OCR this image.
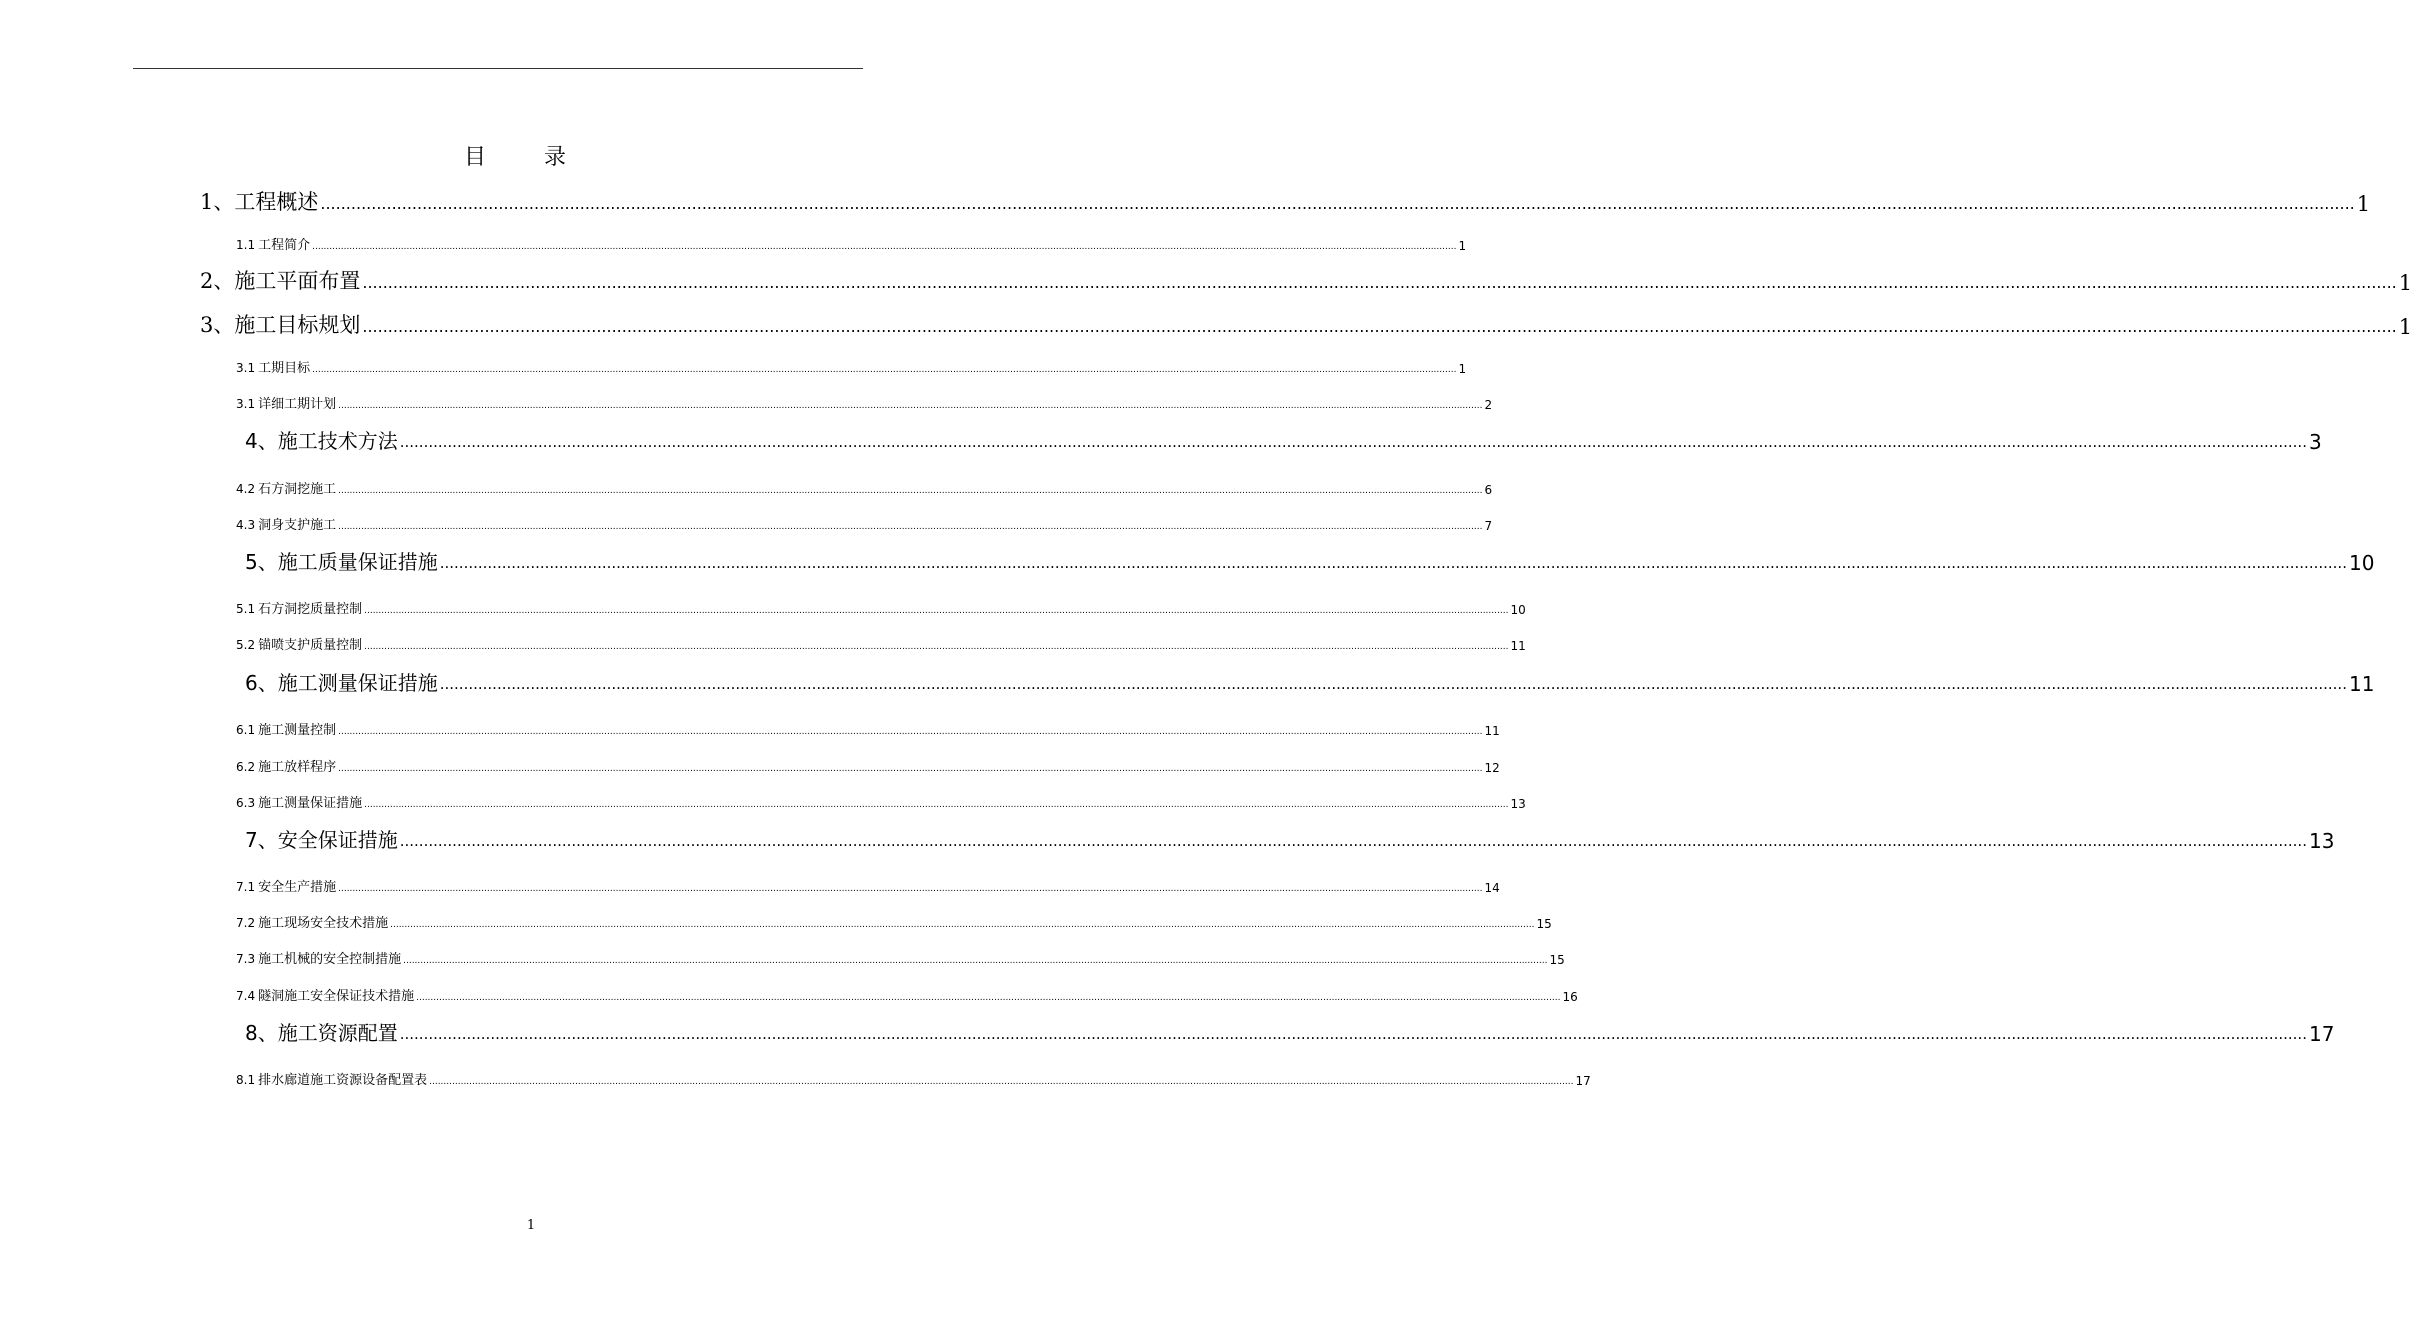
目	录
1、工程概述 ................................................................................................................................................................................................................................................................................................................................................................................................................ 1
1.1 工程简介 ................................................................................................................................................................................................................................................................................................................................................................................................................ 1
2、施工平面布置 ................................................................................................................................................................................................................................................................................................................................................................................................................ 1
3、施工目标规划 ................................................................................................................................................................................................................................................................................................................................................................................................................ 1
3.1 工期目标 ................................................................................................................................................................................................................................................................................................................................................................................................................ 1
3.1 详细工期计划 ................................................................................................................................................................................................................................................................................................................................................................................................................ 2
4、施工技术方法 ................................................................................................................................................................................................................................................................................................................................................................................................................ 3
4.2 石方洞挖施工 ................................................................................................................................................................................................................................................................................................................................................................................................................ 6
4.3 洞身支护施工 ................................................................................................................................................................................................................................................................................................................................................................................................................ 7
5、施工质量保证措施 ................................................................................................................................................................................................................................................................................................................................................................................................................ 10
5.1 石方洞挖质量控制 ................................................................................................................................................................................................................................................................................................................................................................................................................ 10
5.2 锚喷支护质量控制 ................................................................................................................................................................................................................................................................................................................................................................................................................ 11
6、施工测量保证措施 ................................................................................................................................................................................................................................................................................................................................................................................................................ 11
6.1 施工测量控制 ................................................................................................................................................................................................................................................................................................................................................................................................................ 11
6.2 施工放样程序 ................................................................................................................................................................................................................................................................................................................................................................................................................ 12
6.3 施工测量保证措施 ................................................................................................................................................................................................................................................................................................................................................................................................................ 13
7、安全保证措施 ................................................................................................................................................................................................................................................................................................................................................................................................................ 13
7.1 安全生产措施 ................................................................................................................................................................................................................................................................................................................................................................................................................ 14
7.2 施工现场安全技术措施 ................................................................................................................................................................................................................................................................................................................................................................................................................ 15
7.3 施工机械的安全控制措施 ................................................................................................................................................................................................................................................................................................................................................................................................................ 15
7.4 隧洞施工安全保证技术措施 ................................................................................................................................................................................................................................................................................................................................................................................................................ 16
8、施工资源配置 ................................................................................................................................................................................................................................................................................................................................................................................................................ 17
8.1 排水廊道施工资源设备配置表 ................................................................................................................................................................................................................................................................................................................................................................................................................ 17
1
